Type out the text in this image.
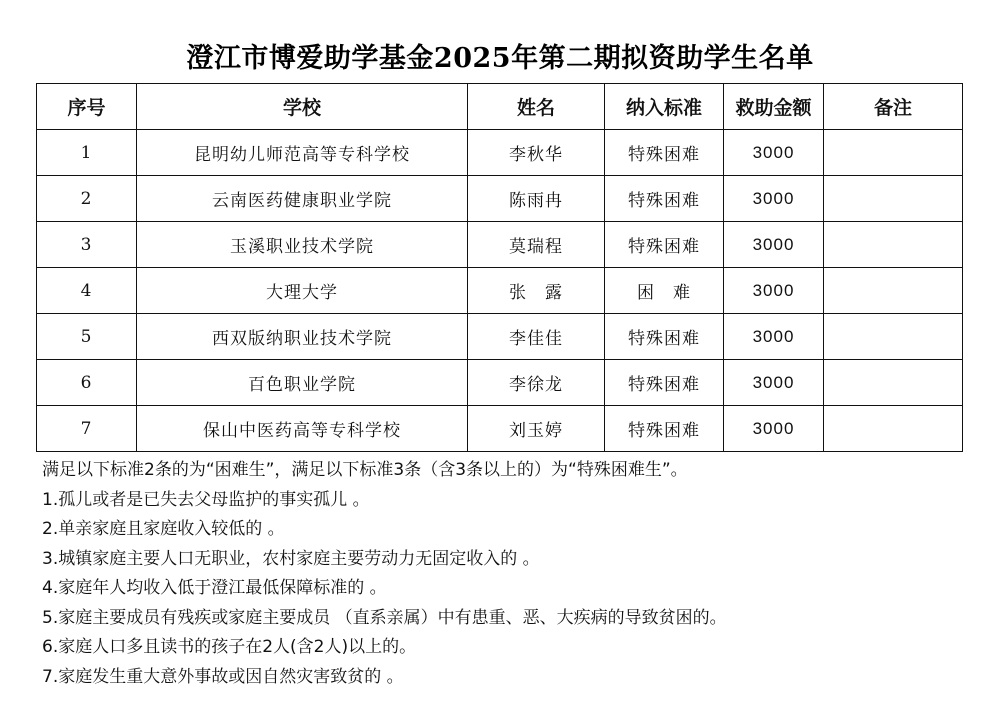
澄江市博爱助学基金2025年第二期拟资助学生名单
序号	学校	姓名	纳入标准	救助金额	备注
1	昆明幼儿师范高等专科学校	李秋华	特殊困难	3000	
2	云南医药健康职业学院	陈雨冉	特殊困难	3000	
3	玉溪职业技术学院	莫瑞程	特殊困难	3000	
4	大理大学	张　露	困　难	3000	
5	西双版纳职业技术学院	李佳佳	特殊困难	3000	
6	百色职业学院	李徐龙	特殊困难	3000	
7	保山中医药高等专科学校	刘玉婷	特殊困难	3000	
满足以下标准2条的为“困难生”，满足以下标准3条（含3条以上的）为“特殊困难生”。
1.孤儿或者是已失去父母监护的事实孤儿 。
2.单亲家庭且家庭收入较低的 。
3.城镇家庭主要人口无职业，农村家庭主要劳动力无固定收入的 。
4.家庭年人均收入低于澄江最低保障标准的 。
5.家庭主要成员有残疾或家庭主要成员 （直系亲属）中有患重、恶、大疾病的导致贫困的。
6.家庭人口多且读书的孩子在2人(含2人)以上的。
7.家庭发生重大意外事故或因自然灾害致贫的 。
